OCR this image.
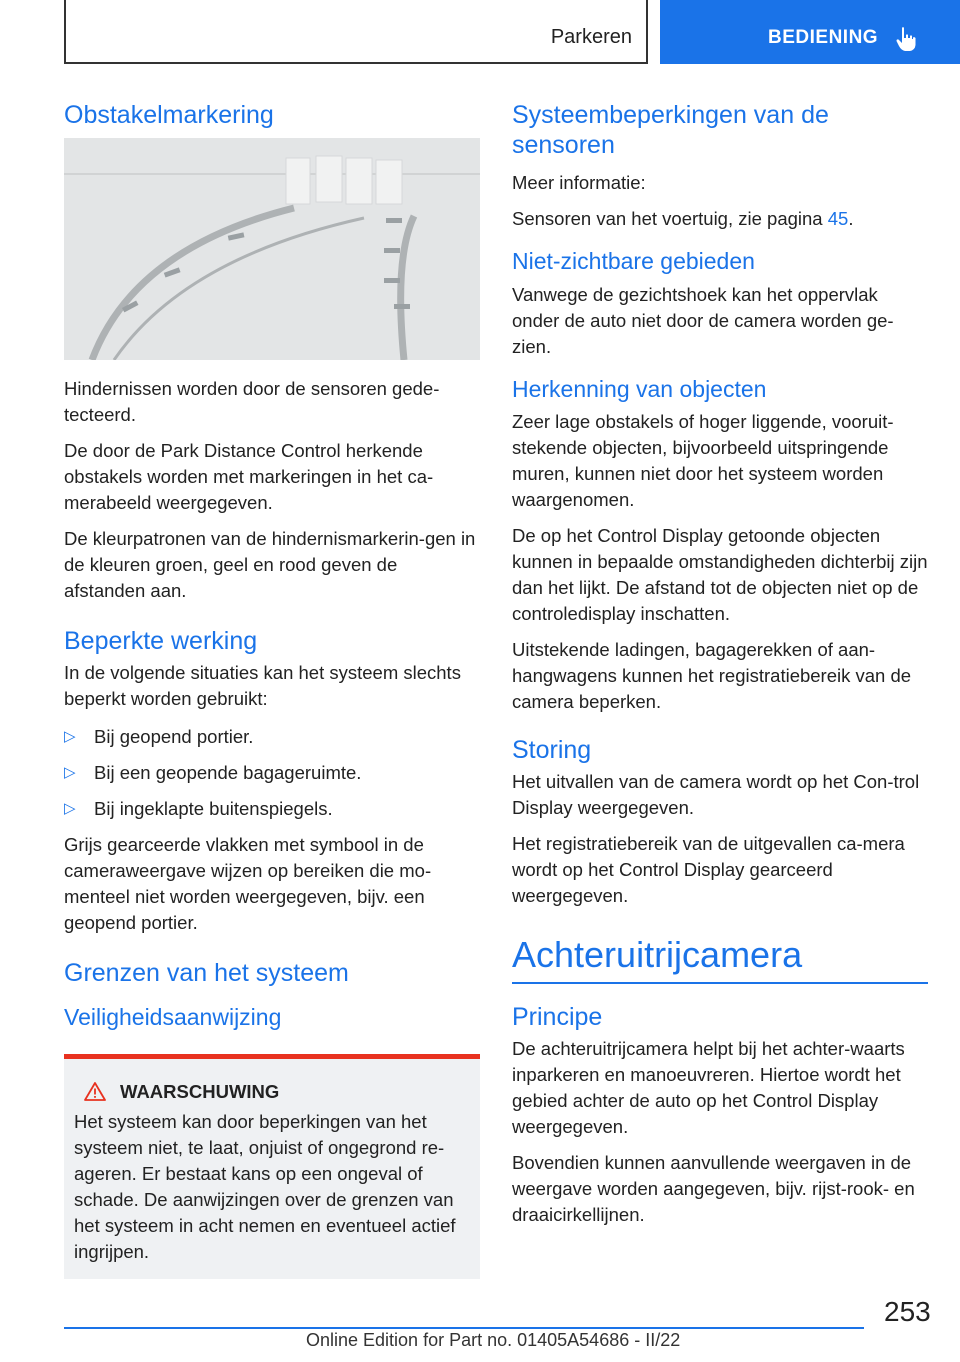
Parkeren	BEDIENING
Obstakelmarkering

Hindernissen worden door de sensoren gede-tecteerd.

De door de Park Distance Control herkende obstakels worden met markeringen in het ca-merabeeld weergegeven.

De kleurpatronen van de hindernismarkerin-gen in de kleuren groen, geel en rood geven de afstanden aan.

Beperkte werking

In de volgende situaties kan het systeem slechts beperkt worden gebruikt:

▷ Bij geopend portier.
▷ Bij een geopende bagageruimte.
▷ Bij ingeklapte buitenspiegels.

Grijs gearceerde vlakken met symbool in de cameraweergave wijzen op bereiken die mo-menteel niet worden weergegeven, bijv. een geopend portier.

Grenzen van het systeem
Veiligheidsaanwijzing
WAARSCHUWING

Het systeem kan door beperkingen van het systeem niet, te laat, onjuist of ongegrond re-ageren. Er bestaat kans op een ongeval of schade. De aanwijzingen over de grenzen van het systeem in acht nemen en eventueel actief ingrijpen.

Systeembeperkingen van de sensoren

Meer informatie:

Sensoren van het voertuig, zie pagina 45.

Niet-zichtbare gebieden

Vanwege de gezichtshoek kan het oppervlak onder de auto niet door de camera worden ge-zien.

Herkenning van objecten

Zeer lage obstakels of hoger liggende, vooruit-stekende objecten, bijvoorbeeld uitspringende muren, kunnen niet door het systeem worden waargenomen.

De op het Control Display getoonde objecten kunnen in bepaalde omstandigheden dichterbij zijn dan het lijkt. De afstand tot de objecten niet op de controledisplay inschatten.

Uitstekende ladingen, bagagerekken of aan-hangwagens kunnen het registratiebereik van de camera beperken.

Storing

Het uitvallen van de camera wordt op het Con-trol Display weergegeven.

Het registratiebereik van de uitgevallen ca-mera wordt op het Control Display gearceerd weergegeven.

Achteruitrijcamera
Principe

De achteruitrijcamera helpt bij het achter-waarts inparkeren en manoeuvreren. Hiertoe wordt het gebied achter de auto op het Control Display weergegeven.

Bovendien kunnen aanvullende weergaven in de weergave worden aangegeven, bijv. rijst-rook- en draaicirkellijnen.

253
Online Edition for Part no. 01405A54686 - II/22
